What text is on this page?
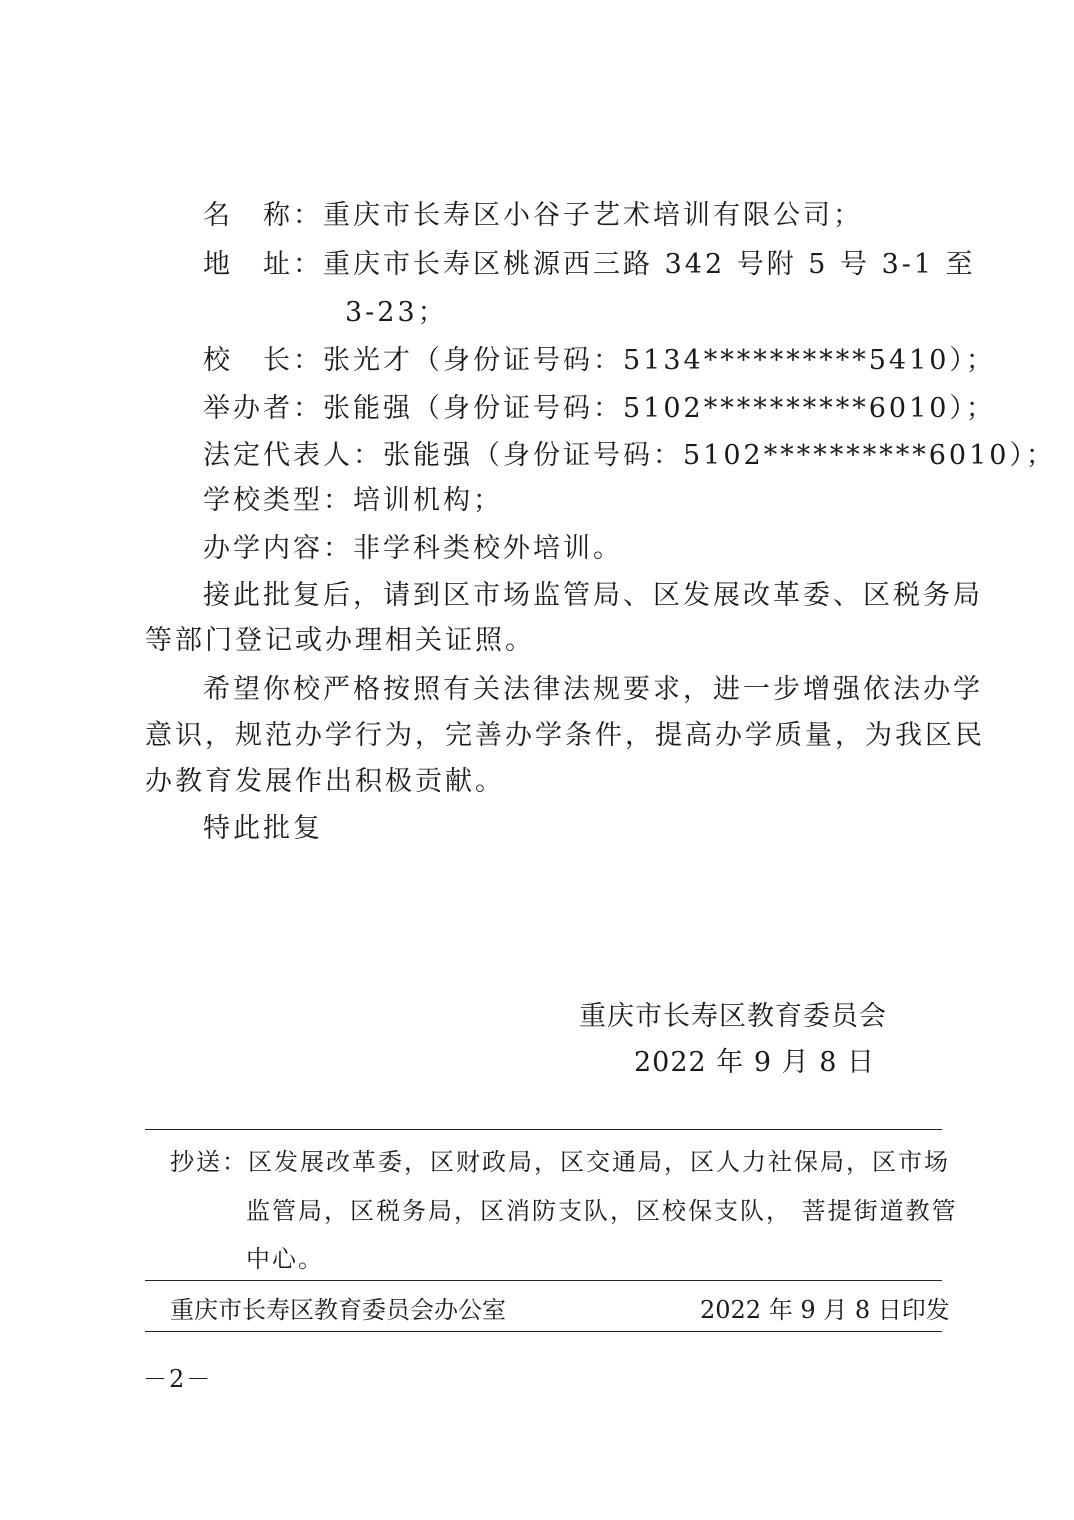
名　称：重庆市长寿区小谷子艺术培训有限公司；
地　址：重庆市长寿区桃源西三路 342 号附 5 号 3-1 至
3-23；
校　长：张光才（身份证号码：5134**********5410）；
举办者：张能强（身份证号码：5102**********6010）；
法定代表人：张能强（身份证号码：5102**********6010）；
学校类型：培训机构；
办学内容：非学科类校外培训。
接此批复后，请到区市场监管局、区发展改革委、区税务局
等部门登记或办理相关证照。
希望你校严格按照有关法律法规要求，进一步增强依法办学
意识，规范办学行为，完善办学条件，提高办学质量，为我区民
办教育发展作出积极贡献。
特此批复
重庆市长寿区教育委员会
2022 年 9 月 8 日
抄送：区发展改革委，区财政局，区交通局，区人力社保局，区市场
监管局，区税务局，区消防支队，区校保支队， 菩提街道教管
中心。
重庆市长寿区教育委员会办公室	2022 年 9 月 8 日印发
－2－
